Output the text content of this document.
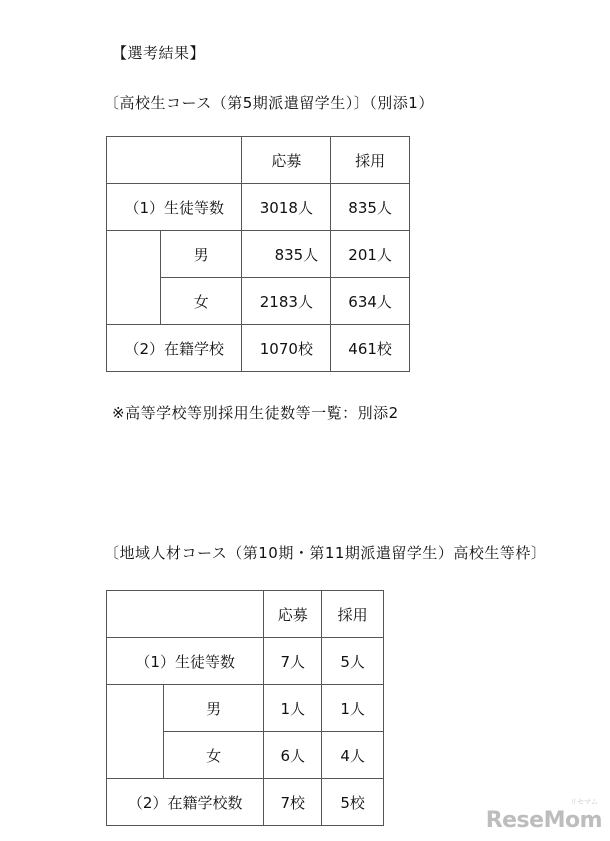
【選考結果】
〔高校生コース（第5期派遣留学生）〕（別添1）
		応募	採用
（1）生徒等数		3018人	835人
	男	835人	201人
	女	2183人	634人
（2）在籍学校		1070校	461校
※高等学校等別採用生徒数等一覧：別添2
〔地域人材コース（第10期・第11期派遣留学生）高校生等枠〕
		応募	採用
（1）生徒等数		7人	5人
	男	1人	1人
	女	6人	4人
（2）在籍学校数		7校	5校	リセマム
ReseMom
